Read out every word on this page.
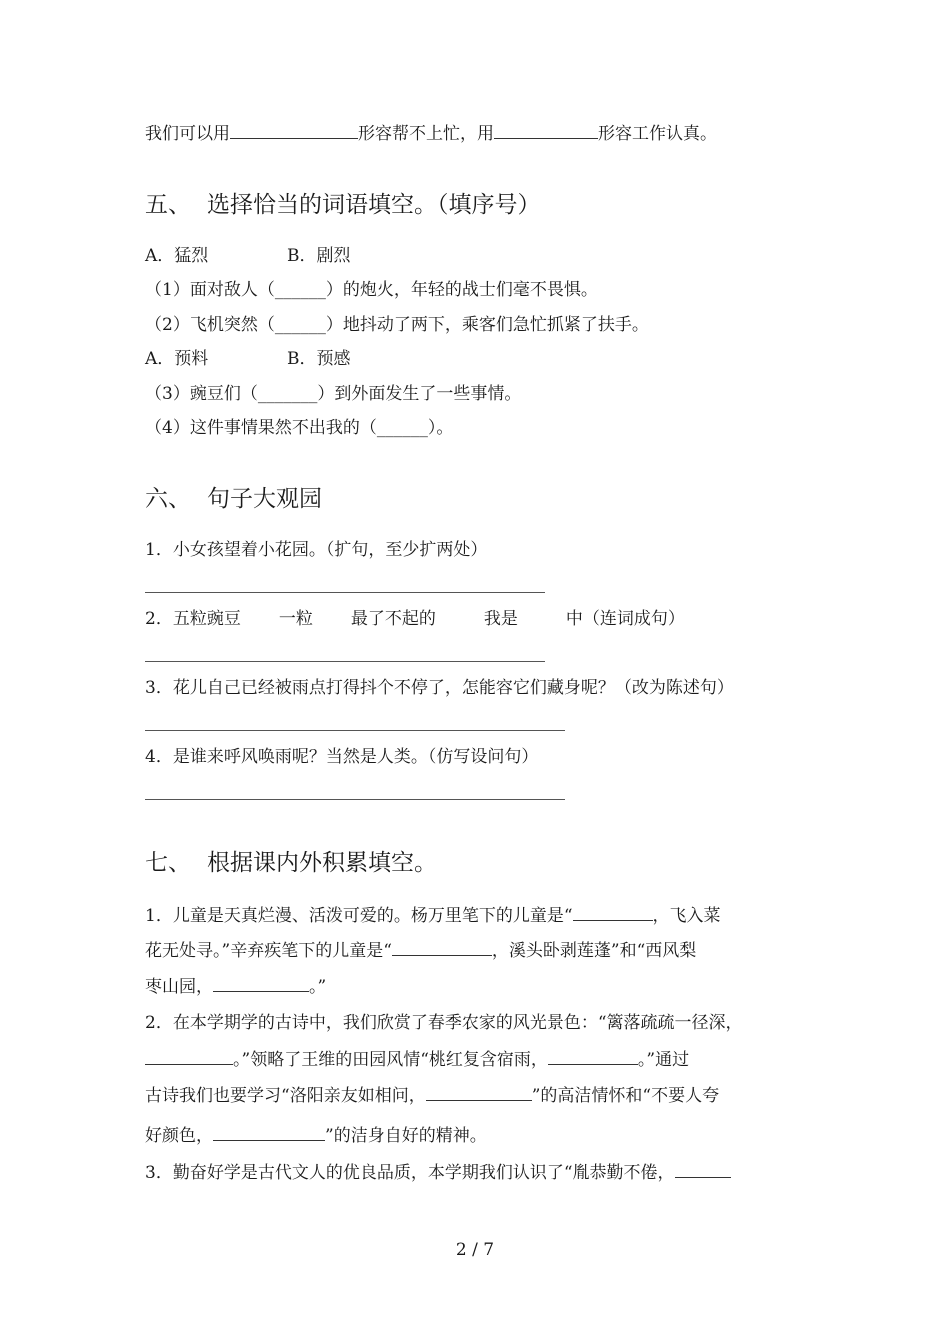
我们可以用	形容帮不上忙，用	形容工作认真。
五、 选择恰当的词语填空。（填序号）
A．猛烈	B．剧烈
（1）面对敌人（______）的炮火，年轻的战士们毫不畏惧。
（2）飞机突然（______）地抖动了两下，乘客们急忙抓紧了扶手。
A．预料	B．预感
（3）豌豆们（_______）到外面发生了一些事情。
（4）这件事情果然不出我的（______）。
六、 句子大观园
1．小女孩望着小花园。（扩句，至少扩两处）
2．五粒豌豆 一粒 最了不起的	我是	中（连词成句）
3．花儿自己已经被雨点打得抖个不停了，怎能容它们藏身呢？（改为陈述句）
4．是谁来呼风唤雨呢？当然是人类。（仿写设问句）
七、 根据课内外积累填空。
1．儿童是天真烂漫、活泼可爱的。杨万里笔下的儿童是“	，飞入菜
花无处寻。”辛弃疾笔下的儿童是“	，溪头卧剥莲蓬”和“西风梨
枣山园，	。”
2．在本学期学的古诗中，我们欣赏了春季农家的风光景色：“篱落疏疏一径深，
。”领略了王维的田园风情“桃红复含宿雨，	。”通过
古诗我们也要学习“洛阳亲友如相问，	”的高洁情怀和“不要人夸
好颜色，	”的洁身自好的精神。
3．勤奋好学是古代文人的优良品质，本学期我们认识了“胤恭勤不倦，
2 / 7
